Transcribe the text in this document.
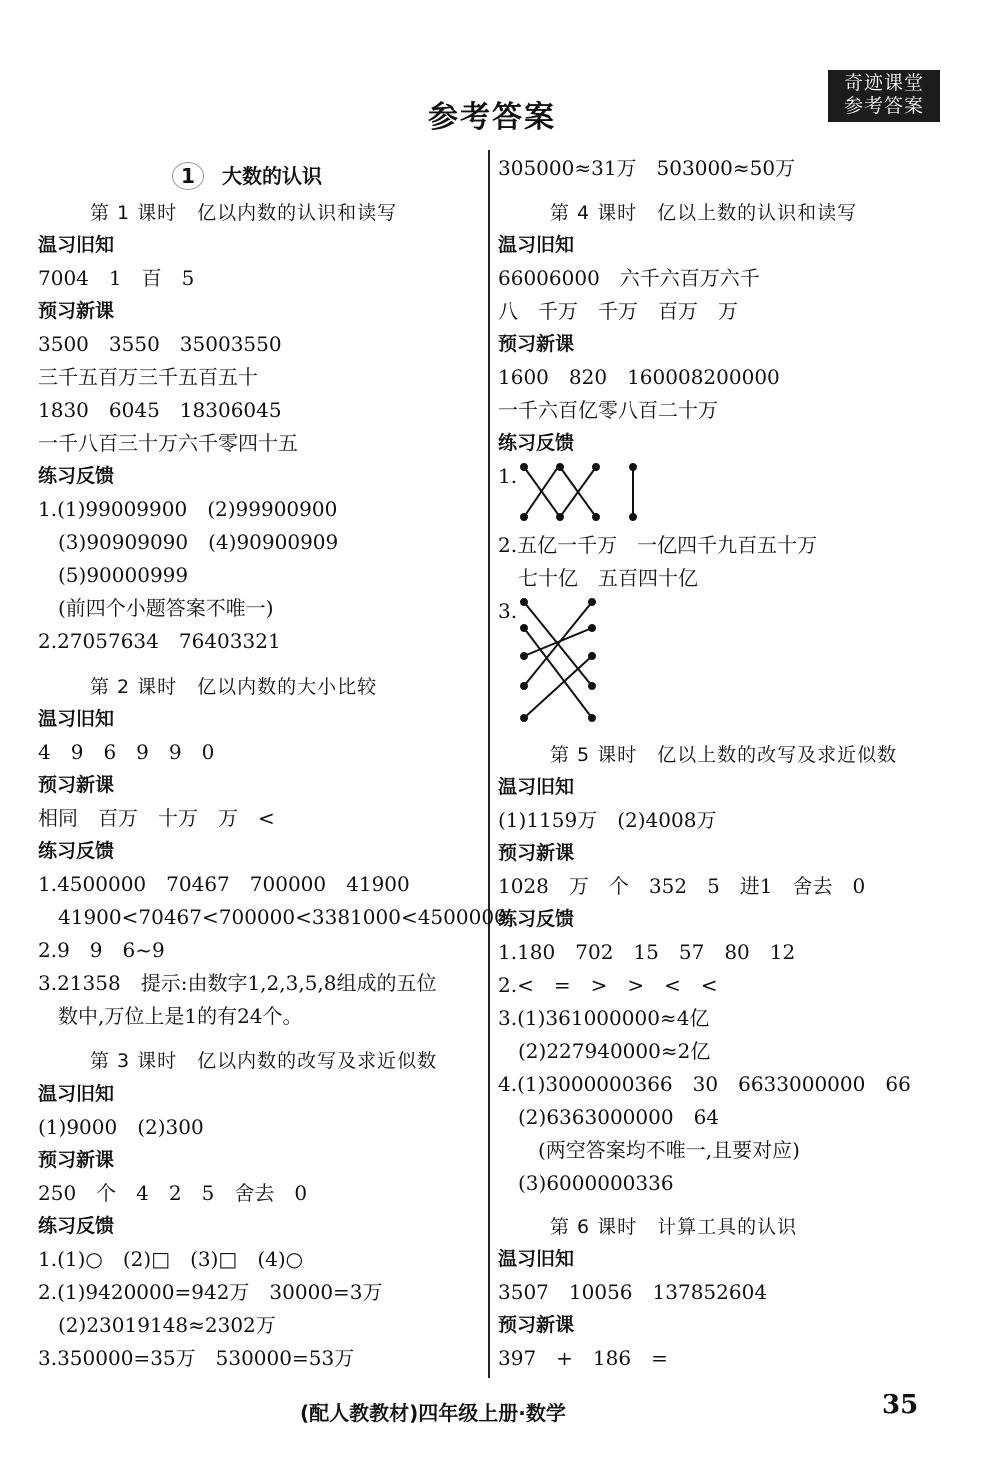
参考答案
奇迹课堂
参考答案
1 大数的认识
第 1 课时　亿以内数的认识和读写
温习旧知
7004　1　百　5
预习新课
3500　3550　35003550
三千五百万三千五百五十
1830　6045　18306045
一千八百三十万六千零四十五
练习反馈
1.(1)99009900　(2)99900900
　(3)90909090　(4)90900909
　(5)90000999
　(前四个小题答案不唯一)
2.27057634　76403321
第 2 课时　亿以内数的大小比较
温习旧知
4　9　6　9　9　0
预习新课
相同　百万　十万　万　<
练习反馈
1.4500000　70467　700000　41900
　41900<70467<700000<3381000<4500000
2.9　9　6~9
3.21358　提示:由数字1,2,3,5,8组成的五位
　数中,万位上是1的有24个。
第 3 课时　亿以内数的改写及求近似数
温习旧知
(1)9000　(2)300
预习新课
250　个　4　2　5　舍去　0
练习反馈
1.(1)○　(2)□　(3)□　(4)○
2.(1)9420000=942万　30000=3万
　(2)23019148≈2302万
3.350000=35万　530000=53万
305000≈31万　503000≈50万
第 4 课时　亿以上数的认识和读写
温习旧知
66006000　六千六百万六千
八　千万　千万　百万　万
预习新课
1600　820　160008200000
一千六百亿零八百二十万
练习反馈
1.
2.五亿一千万　一亿四千九百五十万
　七十亿　五百四十亿
3.
第 5 课时　亿以上数的改写及求近似数
温习旧知
(1)1159万　(2)4008万
预习新课
1028　万　个　352　5　进1　舍去　0
练习反馈
1.180　702　15　57　80　12
2.<　=　>　>　<　<
3.(1)361000000≈4亿
　(2)227940000≈2亿
4.(1)3000000366　30　6633000000　66
　(2)6363000000　64
　　(两空答案均不唯一,且要对应)
　(3)6000000336
第 6 课时　计算工具的认识
温习旧知
3507　10056　137852604
预习新课
397　+　186　=
(配人教教材)四年级上册·数学	35
